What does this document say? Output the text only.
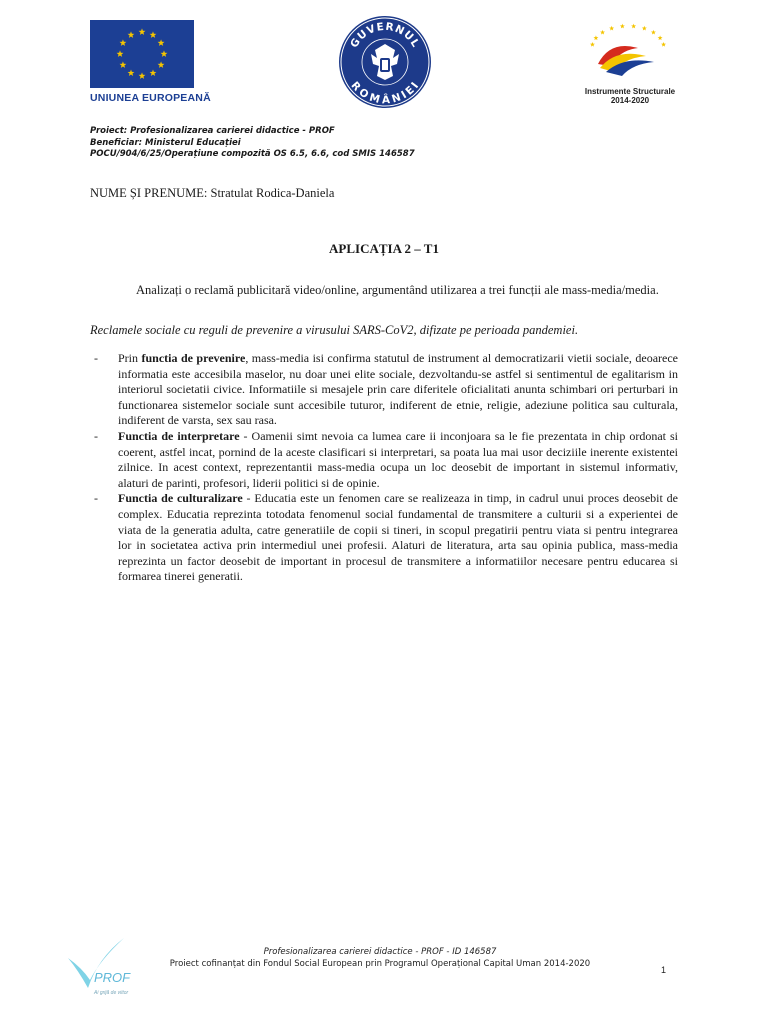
UNIUNEA EUROPEANĂ
GUVERNUL
ROMÂNIEI
Instrumente Structurale
2014-2020
Proiect: Profesionalizarea carierei didactice - PROF
Beneficiar: Ministerul Educației
POCU/904/6/25/Operațiune compozită OS 6.5, 6.6, cod SMIS 146587
NUME ȘI PRENUME: Stratulat Rodica-Daniela
APLICAȚIA 2 – T1
Analizați o reclamă publicitară video/online, argumentând utilizarea a trei funcții ale mass-media/media.
Reclamele sociale cu reguli de prevenire a virusului SARS-CoV2, difizate pe perioada pandemiei.
- Prin functia de prevenire, mass-media isi confirma statutul de instrument al democratizarii vietii sociale, deoarece informatia este accesibila maselor, nu doar unei elite sociale, dezvoltandu-se astfel si sentimentul de egalitarism in interiorul societatii civice. Informatiile si mesajele prin care diferitele oficialitati anunta schimbari ori perturbari in functionarea sistemelor sociale sunt accesibile tuturor, indiferent de etnie, religie, adeziune politica sau culturala, indiferent de varsta, sex sau rasa.
- Functia de interpretare - Oamenii simt nevoia ca lumea care ii inconjoara sa le fie prezentata in chip ordonat si coerent, astfel incat, pornind de la aceste clasificari si interpretari, sa poata lua mai usor deciziile inerente existentei zilnice. In acest context, reprezentantii mass-media ocupa un loc deosebit de important in sistemul informativ, alaturi de parinti, profesori, liderii politici si de opinie.
- Functia de culturalizare - Educatia este un fenomen care se realizeaza in timp, in cadrul unui proces deosebit de complex. Educatia reprezinta totodata fenomenul social fundamental de transmitere a culturii si a experientei de viata de la generatia adulta, catre generatiile de copii si tineri, in scopul pregatirii pentru viata si pentru integrarea lor in societatea activa prin intermediul unei profesii. Alaturi de literatura, arta sau opinia publica, mass-media reprezinta un factor deosebit de important in procesul de transmitere a informatiilor necesare pentru educarea si formarea tinerei generatii.
PROF
Ai grijă de viitor
Profesionalizarea carierei didactice - PROF - ID 146587
Proiect cofinanțat din Fondul Social European prin Programul Operațional Capital Uman 2014-2020
1
